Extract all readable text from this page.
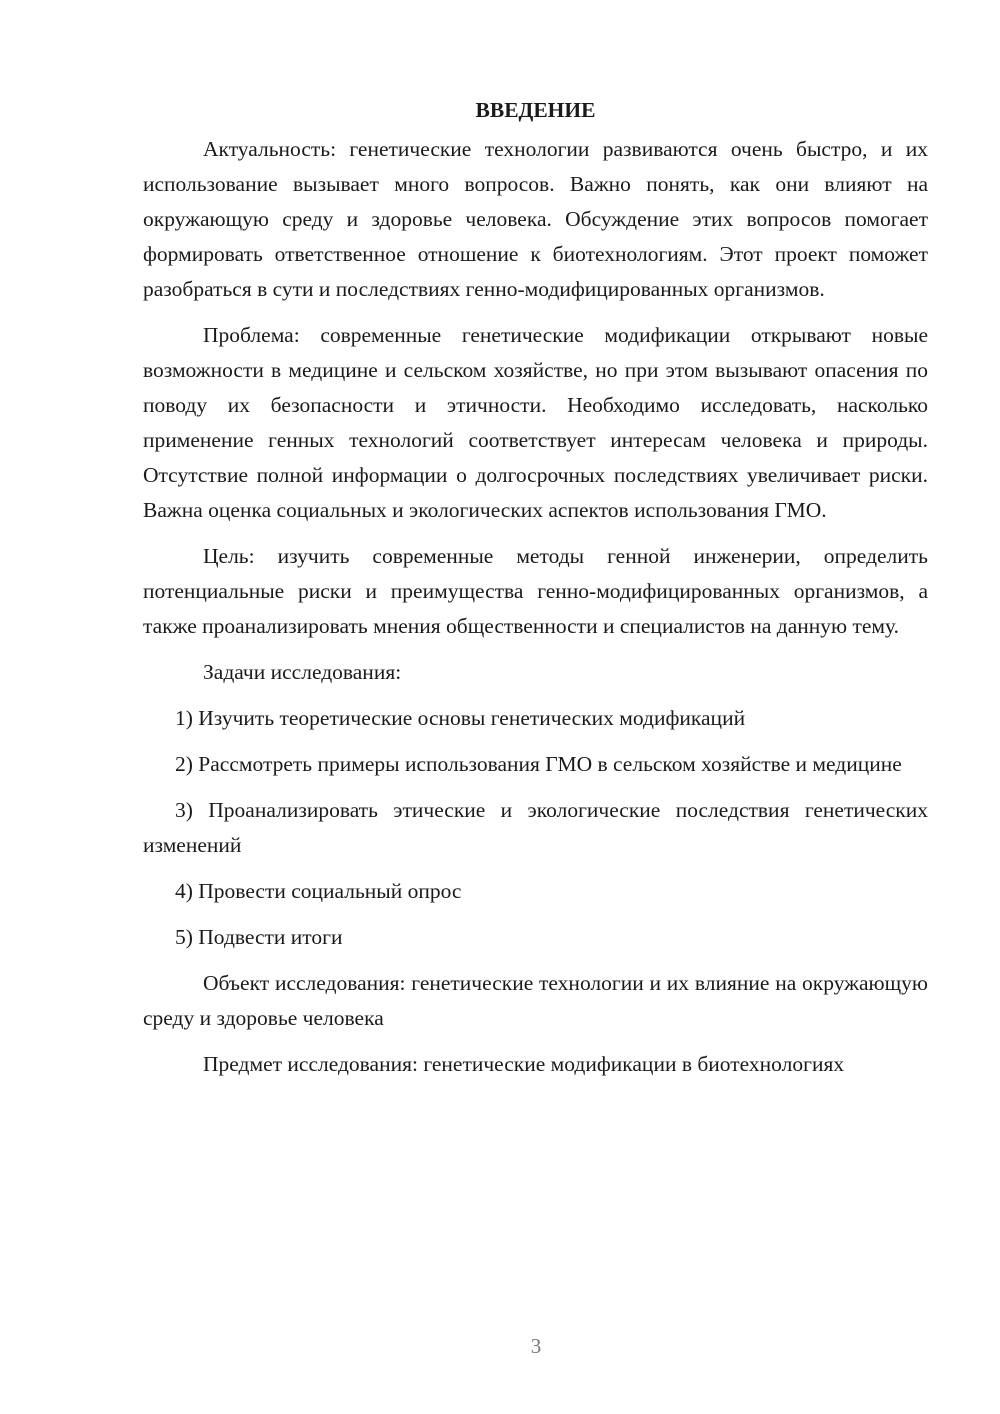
ВВЕДЕНИЕ

Актуальность: генетические технологии развиваются очень быстро, и их использование вызывает много вопросов. Важно понять, как они влияют на окружающую среду и здоровье человека. Обсуждение этих вопросов помогает формировать ответственное отношение к биотехнологиям. Этот проект поможет разобраться в сути и последствиях генно-модифицированных организмов.

Проблема: современные генетические модификации открывают новые возможности в медицине и сельском хозяйстве, но при этом вызывают опасения по поводу их безопасности и этичности. Необходимо исследовать, насколько применение генных технологий соответствует интересам человека и природы. Отсутствие полной информации о долгосрочных последствиях увеличивает риски. Важна оценка социальных и экологических аспектов использования ГМО.

Цель: изучить современные методы генной инженерии, определить потенциальные риски и преимущества генно-модифицированных организмов, а также проанализировать мнения общественности и специалистов на данную тему.

Задачи исследования:

1) Изучить теоретические основы генетических модификаций

2) Рассмотреть примеры использования ГМО в сельском хозяйстве и медицине

3) Проанализировать этические и экологические последствия генетических изменений

4) Провести социальный опрос

5) Подвести итоги

Объект исследования: генетические технологии и их влияние на окружающую среду и здоровье человека

Предмет исследования: генетические модификации в биотехнологиях

3
